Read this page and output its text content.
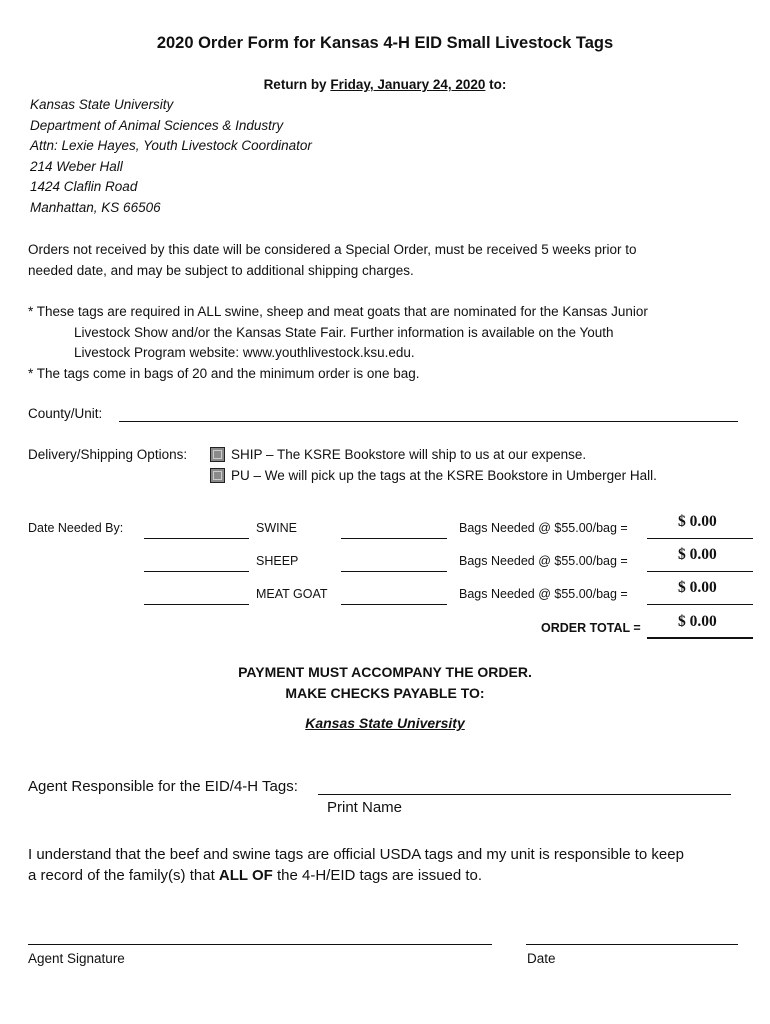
2020 Order Form for Kansas 4-H EID Small Livestock Tags
Return by Friday, January 24, 2020 to:
Kansas State University
Department of Animal Sciences & Industry
Attn: Lexie Hayes, Youth Livestock Coordinator
214 Weber Hall
1424 Claflin Road
Manhattan, KS 66506
Orders not received by this date will be considered a Special Order, must be received 5 weeks prior to
needed date, and may be subject to additional shipping charges.
* These tags are required in ALL swine, sheep and meat goats that are nominated for the Kansas Junior
Livestock Show and/or the Kansas State Fair. Further information is available on the Youth
Livestock Program website: www.youthlivestock.ksu.edu.
* The tags come in bags of 20 and the minimum order is one bag.
County/Unit:
Delivery/Shipping Options:	SHIP – The KSRE Bookstore will ship to us at our expense.
PU – We will pick up the tags at the KSRE Bookstore in Umberger Hall.
Date Needed By:	SWINE	Bags Needed @ $55.00/bag =	$ 0.00
SHEEP	Bags Needed @ $55.00/bag =	$ 0.00
MEAT GOAT	Bags Needed @ $55.00/bag =	$ 0.00
ORDER TOTAL = $ 0.00
PAYMENT MUST ACCOMPANY THE ORDER.
MAKE CHECKS PAYABLE TO:
Kansas State University
Agent Responsible for the EID/4-H Tags:
Print Name
I understand that the beef and swine tags are official USDA tags and my unit is responsible to keep
a record of the family(s) that ALL OF the 4-H/EID tags are issued to.
Agent Signature	Date
